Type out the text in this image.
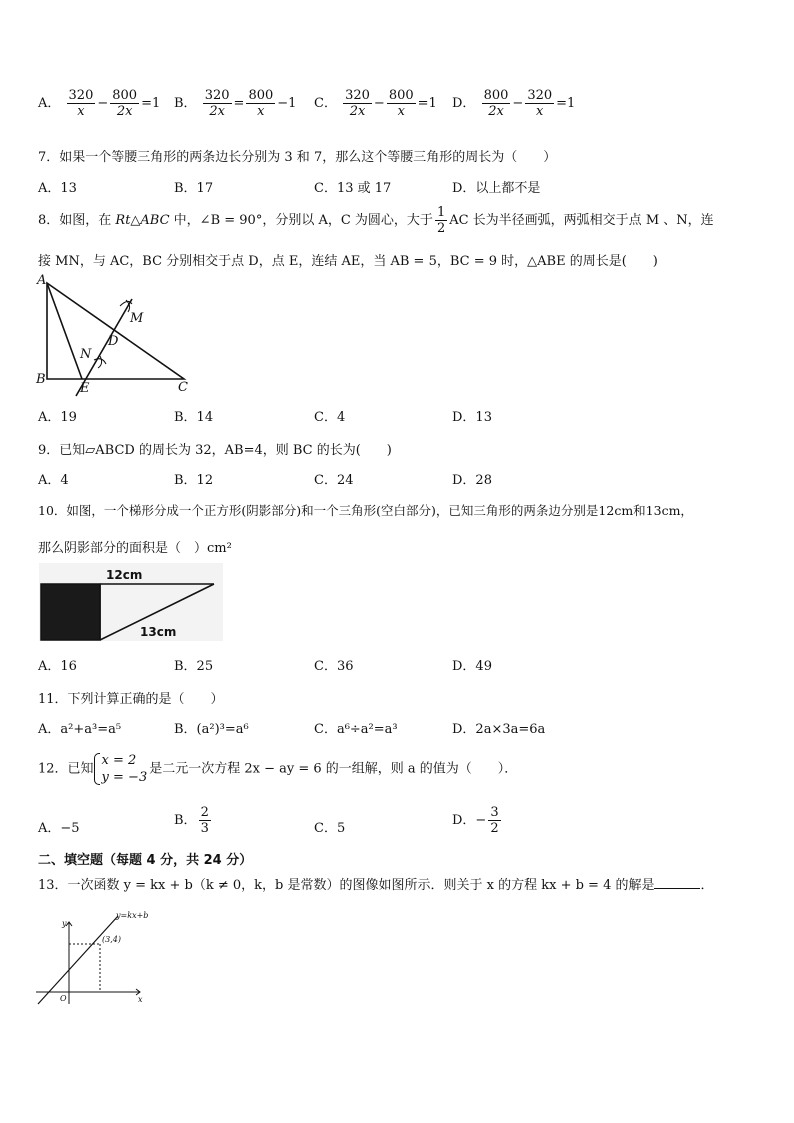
A． $\frac{320}{x} - \frac{800}{2x} =1$ B． $\frac{320}{2x} = \frac{800}{x} -1$ C． $\frac{320}{2x} - \frac{800}{x} =1$ D． $\frac{800}{2x} - \frac{320}{x} =1$
7．如果一个等腰三角形的两条边长分别为 3 和 7，那么这个等腰三角形的周长为（　　）
A．13	B．17	C．13 或 17	D．以上都不是
8．如图，在 Rt△ABC 中，∠B = 90°，分别以 A，C 为圆心，大于 $\frac{1}{2}$ AC 长为半径画弧，两弧相交于点 M 、N，连
接 MN，与 AC，BC 分别相交于点 D，点 E，连结 AE，当 AB = 5，BC = 9 时，△ABE 的周长是(　　)
A
B
C
D
E
M
N
A．19	B．14	C．4	D．13
9．已知▱ABCD 的周长为 32，AB=4，则 BC 的长为(　　)
A．4	B．12	C．24	D．28
10．如图，一个梯形分成一个正方形(阴影部分)和一个三角形(空白部分)，已知三角形的两条边分别是12cm和13cm，
那么阴影部分的面积是（　）cm²
12cm
13cm
A．16	B．25	C．36	D．49
11．下列计算正确的是（　　）
A．a²+a³=a⁵	B．(a²)³=a⁶	C．a⁶÷a²=a³	D．2a×3a=6a
12．已知
x = 2
y = −3
是二元一次方程 2x − ay = 6 的一组解，则 a 的值为（　　）．
A．−5
B． $\frac{2}{3}$	C．5
D．− $\frac{3}{2}$
二、填空题（每题 4 分，共 24 分）
13．一次函数 y = kx + b（k ≠ 0，k，b 是常数）的图像如图所示．则关于 x 的方程 kx + b = 4 的解是	．
y=kx+b
(3,4)
y
x
O
